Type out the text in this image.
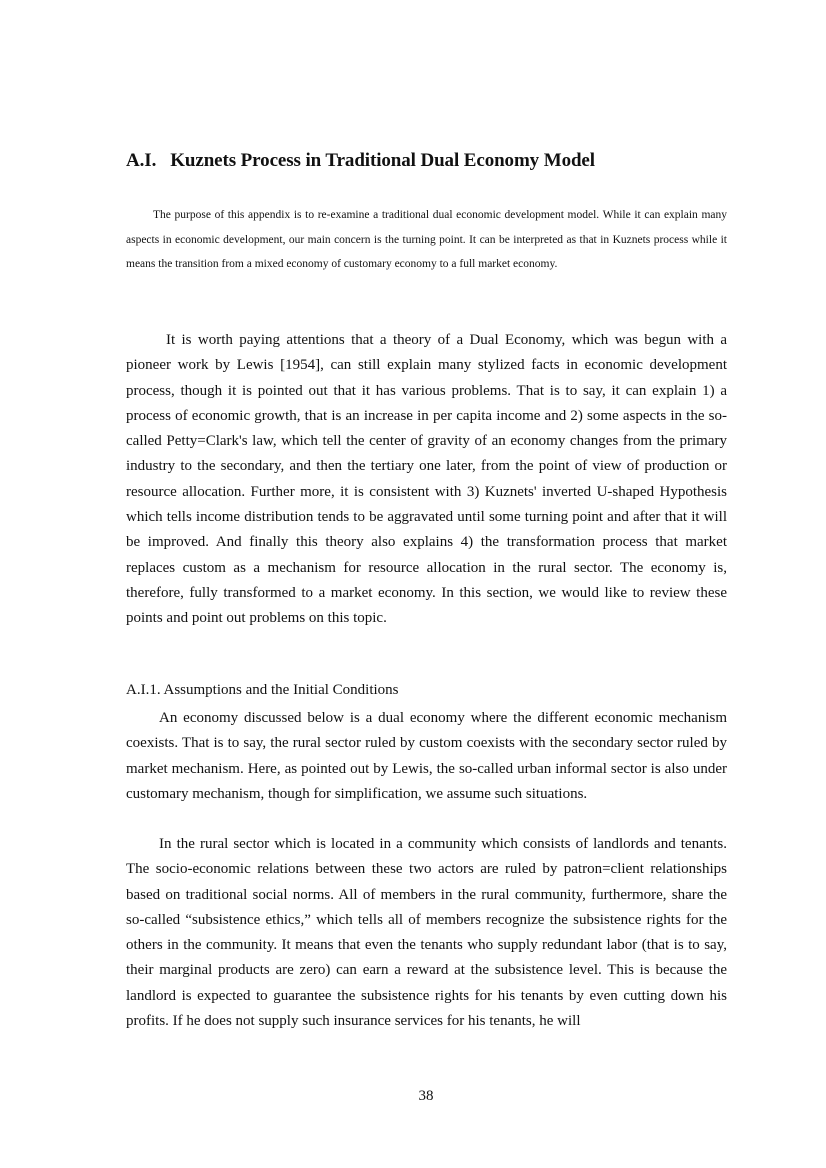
A.I. Kuznets Process in Traditional Dual Economy Model

The purpose of this appendix is to re-examine a traditional dual economic development model. While it can explain many aspects in economic development, our main concern is the turning point. It can be interpreted as that in Kuznets process while it means the transition from a mixed economy of customary economy to a full market economy.

It is worth paying attentions that a theory of a Dual Economy, which was begun with a pioneer work by Lewis [1954], can still explain many stylized facts in economic development process, though it is pointed out that it has various problems. That is to say, it can explain 1) a process of economic growth, that is an increase in per capita income and 2) some aspects in the so-called Petty=Clark's law, which tell the center of gravity of an economy changes from the primary industry to the secondary, and then the tertiary one later, from the point of view of production or resource allocation. Further more, it is consistent with 3) Kuznets' inverted U-shaped Hypothesis which tells income distribution tends to be aggravated until some turning point and after that it will be improved. And finally this theory also explains 4) the transformation process that market replaces custom as a mechanism for resource allocation in the rural sector. The economy is, therefore, fully transformed to a market economy. In this section, we would like to review these points and point out problems on this topic.

A.I.1. Assumptions and the Initial Conditions

An economy discussed below is a dual economy where the different economic mechanism coexists. That is to say, the rural sector ruled by custom coexists with the secondary sector ruled by market mechanism. Here, as pointed out by Lewis, the so-called urban informal sector is also under customary mechanism, though for simplification, we assume such situations.

In the rural sector which is located in a community which consists of landlords and tenants. The socio-economic relations between these two actors are ruled by patron=client relationships based on traditional social norms. All of members in the rural community, furthermore, share the so-called “subsistence ethics,” which tells all of members recognize the subsistence rights for the others in the community. It means that even the tenants who supply redundant labor (that is to say, their marginal products are zero) can earn a reward at the subsistence level. This is because the landlord is expected to guarantee the subsistence rights for his tenants by even cutting down his profits. If he does not supply such insurance services for his tenants, he will

38
